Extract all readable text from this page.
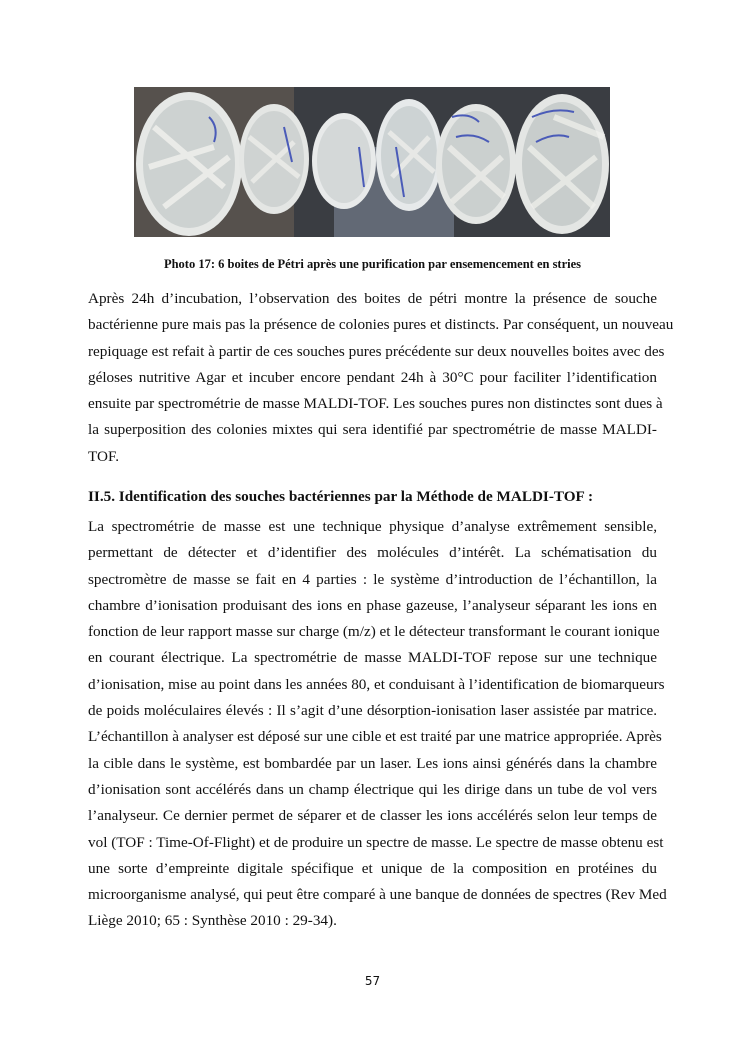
Photo 17: 6 boites de Pétri après une purification par ensemencement en stries
Après 24h d’incubation, l’observation des boites de pétri montre la présence de souche
bactérienne pure mais pas la présence de colonies pures et distincts. Par conséquent, un nouveau
repiquage est refait à partir de ces souches pures précédente sur deux nouvelles boites avec des
géloses nutritive Agar et incuber encore pendant 24h à 30°C pour faciliter l’identification
ensuite par spectrométrie de masse MALDI-TOF. Les souches pures non distinctes sont dues à
la superposition des colonies mixtes qui sera identifié par spectrométrie de masse MALDI-
TOF.
II.5. Identification des souches bactériennes par la Méthode de MALDI-TOF :
La spectrométrie de masse est une technique physique d’analyse extrêmement sensible,
permettant de détecter et d’identifier des molécules d’intérêt. La schématisation du
spectromètre de masse se fait en 4 parties : le système d’introduction de l’échantillon, la
chambre d’ionisation produisant des ions en phase gazeuse, l’analyseur séparant les ions en
fonction de leur rapport masse sur charge (m/z) et le détecteur transformant le courant ionique
en courant électrique. La spectrométrie de masse MALDI-TOF repose sur une technique
d’ionisation, mise au point dans les années 80, et conduisant à l’identification de biomarqueurs
de poids moléculaires élevés : Il s’agit d’une désorption-ionisation laser assistée par matrice.
L’échantillon à analyser est déposé sur une cible et est traité par une matrice appropriée. Après
la cible dans le système, est bombardée par un laser. Les ions ainsi générés dans la chambre
d’ionisation sont accélérés dans un champ électrique qui les dirige dans un tube de vol vers
l’analyseur. Ce dernier permet de séparer et de classer les ions accélérés selon leur temps de
vol (TOF : Time-Of-Flight) et de produire un spectre de masse. Le spectre de masse obtenu est
une sorte d’empreinte digitale spécifique et unique de la composition en protéines du
microorganisme analysé, qui peut être comparé à une banque de données de spectres (Rev Med
Liège 2010; 65 : Synthèse 2010 : 29-34).
57
